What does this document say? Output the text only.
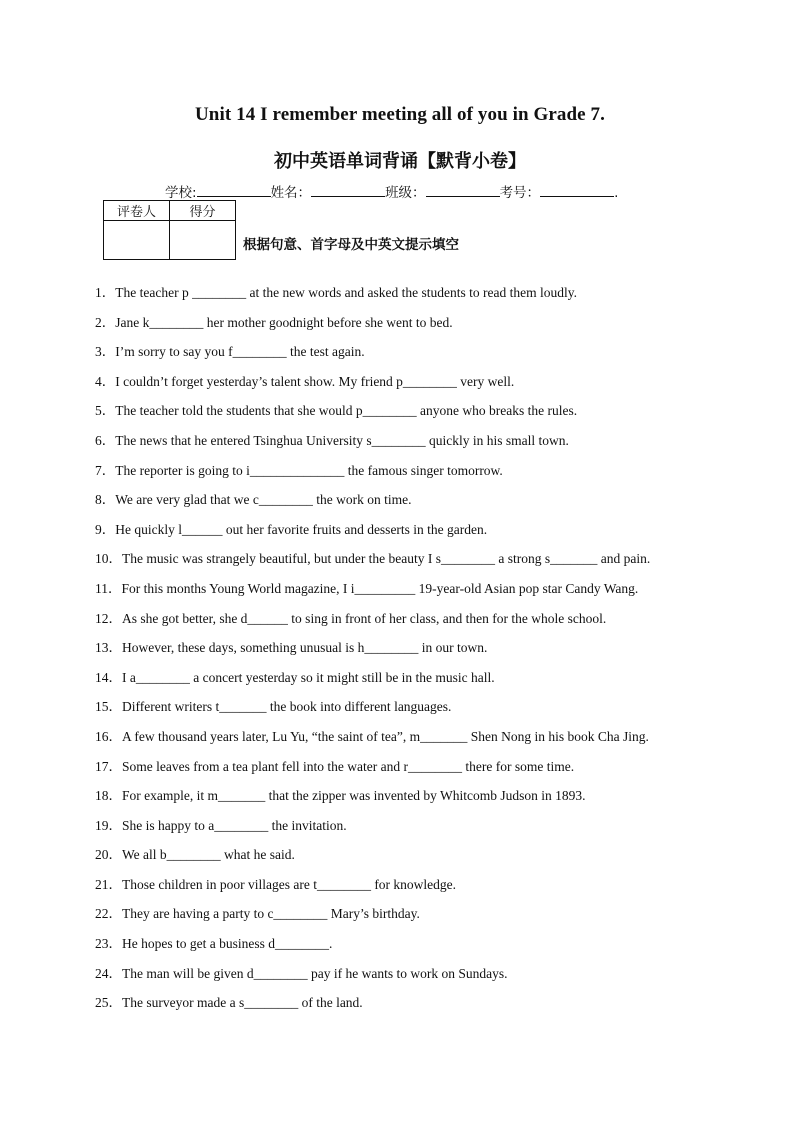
Unit 14 I remember meeting all of you in Grade 7.
初中英语单词背诵【默背小卷】
学校:	姓名：	班级：	考号：	.
评卷人	得分

根据句意、首字母及中英文提示填空
1．The teacher p ________ at the new words and asked the students to read them loudly.
2．Jane k________ her mother goodnight before she went to bed.
3．I’m sorry to say you f________ the test again.
4．I couldn’t forget yesterday’s talent show. My friend p________ very well.
5．The teacher told the students that she would p________ anyone who breaks the rules.
6．The news that he entered Tsinghua University s________ quickly in his small town.
7．The reporter is going to i______________ the famous singer tomorrow.
8．We are very glad that we c________ the work on time.
9．He quickly l______ out her favorite fruits and desserts in the garden.
10．The music was strangely beautiful, but under the beauty I s________ a strong s_______ and pain.
11．For this months Young World magazine, I i_________ 19-year-old Asian pop star Candy Wang.
12．As she got better, she d______ to sing in front of her class, and then for the whole school.
13．However, these days, something unusual is h________ in our town.
14．I a________ a concert yesterday so it might still be in the music hall.
15．Different writers t_______ the book into different languages.
16．A few thousand years later, Lu Yu, “the saint of tea”, m_______ Shen Nong in his book Cha Jing.
17．Some leaves from a tea plant fell into the water and r________ there for some time.
18．For example, it m_______ that the zipper was invented by Whitcomb Judson in 1893.
19．She is happy to a________ the invitation.
20．We all b________ what he said.
21．Those children in poor villages are t________ for knowledge.
22．They are having a party to c________ Mary’s birthday.
23．He hopes to get a business d________.
24．The man will be given d________ pay if he wants to work on Sundays.
25．The surveyor made a s________ of the land.
